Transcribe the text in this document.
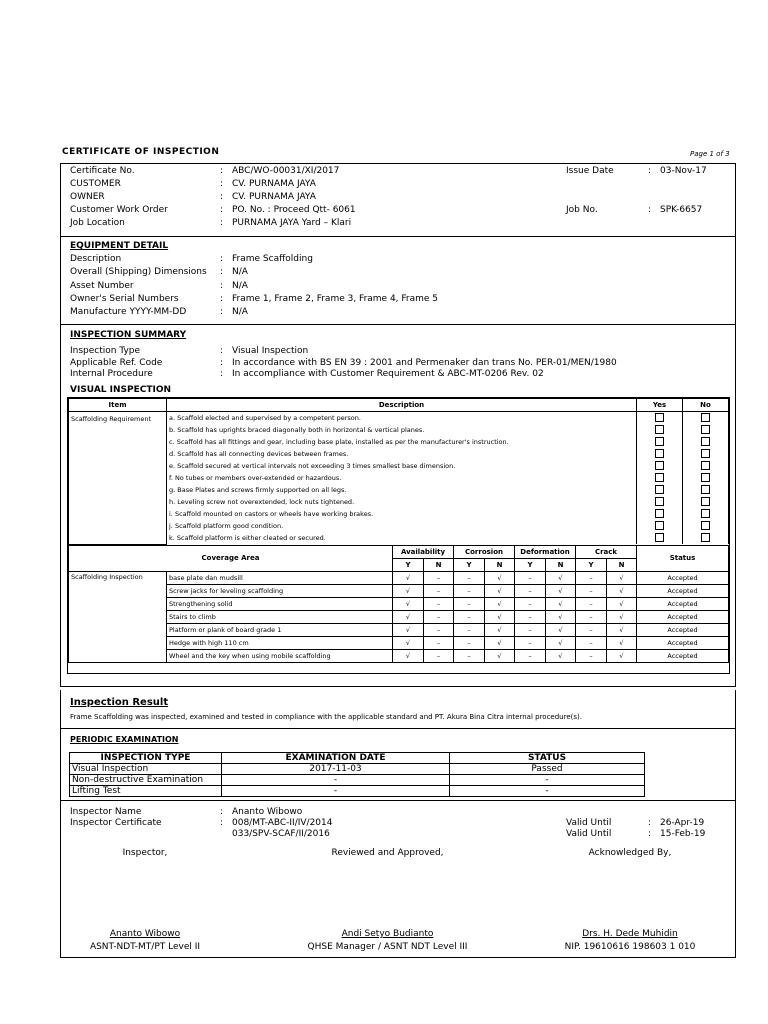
CERTIFICATE OF INSPECTION	Page 1 of 3
Certificate No.	: ABC/WO-00031/XI/2017	Issue Date	: 03-Nov-17
CUSTOMER	: CV. PURNAMA JAYA
OWNER	: CV. PURNAMA JAYA
Customer Work Order	: PO. No. : Proceed Qtt- 6061	Job No.	: SPK-6657
Job Location	: PURNAMA JAYA Yard – Klari
EQUIPMENT DETAIL
Description	: Frame Scaffolding
Overall (Shipping) Dimensions : N/A
Asset Number	: N/A
Owner's Serial Numbers	: Frame 1, Frame 2, Frame 3, Frame 4, Frame 5
Manufacture YYYY-MM-DD	: N/A
INSPECTION SUMMARY
Inspection Type	: Visual Inspection
Applicable Ref. Code	: In accordance with BS EN 39 : 2001 and Permenaker dan trans No. PER-01/MEN/1980
Internal Procedure	: In accompliance with Customer Requirement & ABC-MT-0206 Rev. 02
VISUAL INSPECTION
Item	Description	Yes	No
Scaffolding Requirement	a. Scaffold elected and supervised by a competent person.		
	b. Scaffold has uprights braced diagonally both in horizontal & vertical planes.		
	c. Scaffold has all fittings and gear, including base plate, installed as per the manufacturer's instruction.		
	d. Scaffold has all connecting devices between frames.		
	e. Scaffold secured at vertical intervals not exceeding 3 times smallest base dimension.		
	f. No tubes or members over-extended or hazardous.		
	g. Base Plates and screws firmly supported on all legs.		
	h. Leveling screw not overextended, lock nuts tightened.		
	i. Scaffold mounted on castors or wheels have working brakes.		
	j. Scaffold platform good condition.		
	k. Scaffold platform is either cleated or secured.		
Coverage Area		Availability		Corrosion		Deformation		Crack		Status
		Y	N	Y	N	Y	N	Y	N	
Scaffolding Inspection	base plate dan mudsill	√	–	–	√	–	√	–	√	Accepted
	Screw jacks for leveling scaffolding	√	–	–	√	–	√	–	√	Accepted
	Strengthening solid	√	–	–	√	–	√	–	√	Accepted
	Stairs to climb	√	–	–	√	–	√	–	√	Accepted
	Platform or plank of board grade 1	√	–	–	√	–	√	–	√	Accepted
	Hedge with high 110 cm	√	–	–	√	–	√	–	√	Accepted
	Wheel and the key when using mobile scaffolding	√	–	–	√	–	√	–	√	Accepted
Inspection Result
Frame Scaffolding was inspected, examined and tested in compliance with the applicable standard and PT. Akura Bina Citra internal procedure(s).
PERIODIC EXAMINATION
INSPECTION TYPE	EXAMINATION DATE	STATUS
Visual Inspection	2017-11-03	Passed
Non-destructive Examination	-	-
Lifting Test	-	-
Inspector Name	: Ananto Wibowo
Inspector Certificate	: 008/MT-ABC-II/IV/2014	Valid Until	: 26-Apr-19
033/SPV-SCAF/II/2016	Valid Until	: 15-Feb-19
Inspector,	Reviewed and Approved,	Acknowledged By,
Ananto Wibowo	Andi Setyo Budianto	Drs. H. Dede Muhidin
ASNT-NDT-MT/PT Level II	QHSE Manager / ASNT NDT Level III	NIP. 19610616 198603 1 010
